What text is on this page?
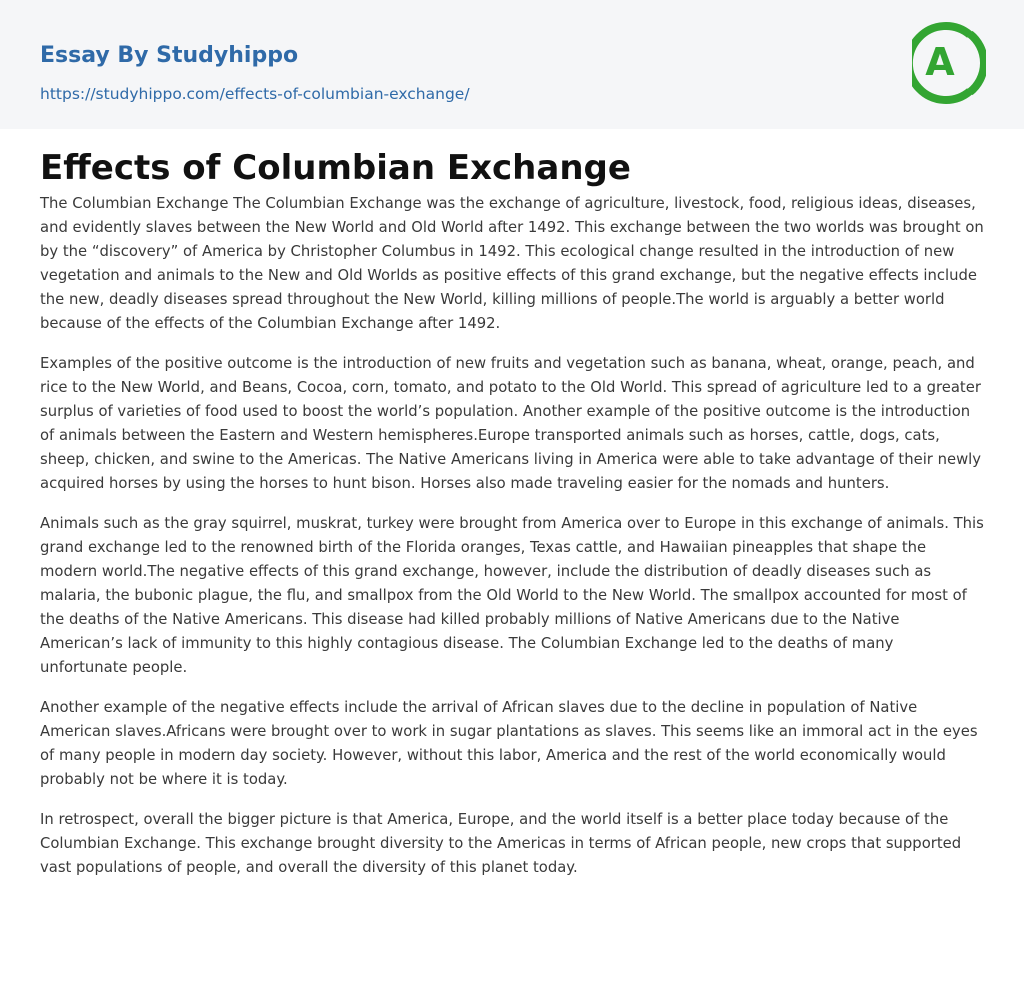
Essay By Studyhippo
https://studyhippo.com/effects-of-columbian-exchange/
A
Effects of Columbian Exchange

The Columbian Exchange The Columbian Exchange was the exchange of agriculture, livestock, food, religious ideas, diseases, and evidently slaves between the New World and Old World after 1492. This exchange between the two worlds was brought on by the “discovery” of America by Christopher Columbus in 1492. This ecological change resulted in the introduction of new vegetation and animals to the New and Old Worlds as positive effects of this grand exchange, but the negative effects include the new, deadly diseases spread throughout the New World, killing millions of people.The world is arguably a better world because of the effects of the Columbian Exchange after 1492.

Examples of the positive outcome is the introduction of new fruits and vegetation such as banana, wheat, orange, peach, and rice to the New World, and Beans, Cocoa, corn, tomato, and potato to the Old World. This spread of agriculture led to a greater surplus of varieties of food used to boost the world’s population. Another example of the positive outcome is the introduction of animals between the Eastern and Western hemispheres.Europe transported animals such as horses, cattle, dogs, cats, sheep, chicken, and swine to the Americas. The Native Americans living in America were able to take advantage of their newly acquired horses by using the horses to hunt bison. Horses also made traveling easier for the nomads and hunters.

Animals such as the gray squirrel, muskrat, turkey were brought from America over to Europe in this exchange of animals. This grand exchange led to the renowned birth of the Florida oranges, Texas cattle, and Hawaiian pineapples that shape the modern world.The negative effects of this grand exchange, however, include the distribution of deadly diseases such as malaria, the bubonic plague, the flu, and smallpox from the Old World to the New World. The smallpox accounted for most of the deaths of the Native Americans. This disease had killed probably millions of Native Americans due to the Native American’s lack of immunity to this highly contagious disease. The Columbian Exchange led to the deaths of many unfortunate people.

Another example of the negative effects include the arrival of African slaves due to the decline in population of Native American slaves.Africans were brought over to work in sugar plantations as slaves. This seems like an immoral act in the eyes of many people in modern day society. However, without this labor, America and the rest of the world economically would probably not be where it is today.

In retrospect, overall the bigger picture is that America, Europe, and the world itself is a better place today because of the Columbian Exchange. This exchange brought diversity to the Americas in terms of African people, new crops that supported vast populations of people, and overall the diversity of this planet today.
